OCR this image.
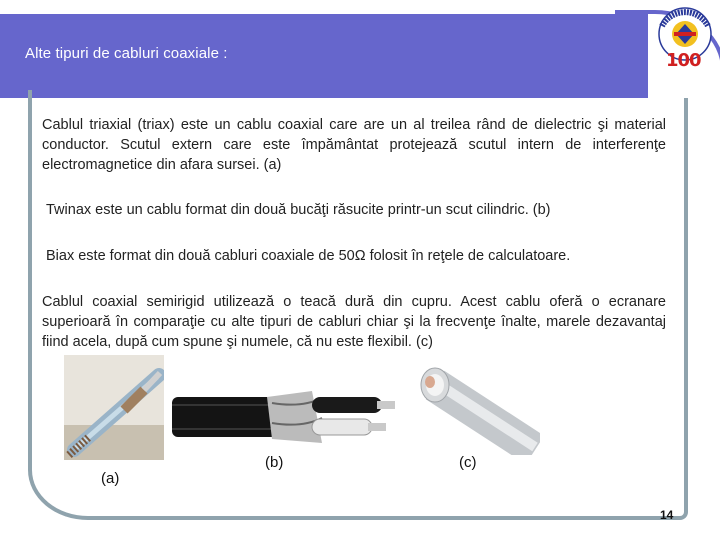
Alte tipuri de cabluri coaxiale :	100
Cablul triaxial (triax) este un cablu coaxial care are un al treilea rând de dielectric şi material conductor. Scutul extern care este împământat protejează scutul intern de interferenţe electromagnetice din afara sursei. (a)
Twinax este un cablu format din două bucăţi răsucite printr-un scut cilindric. (b)
Biax este format din două cabluri coaxiale de 50Ω folosit în reţele de calculatoare.
Cablul coaxial semirigid utilizează o teacă dură din cupru. Acest cablu oferă o ecranare superioară în comparaţie cu alte tipuri de cabluri chiar şi la frecvenţe înalte, marele dezavantaj fiind acela, după cum spune şi numele, că nu este flexibil. (c)
(a)
(b)	(c)
14
